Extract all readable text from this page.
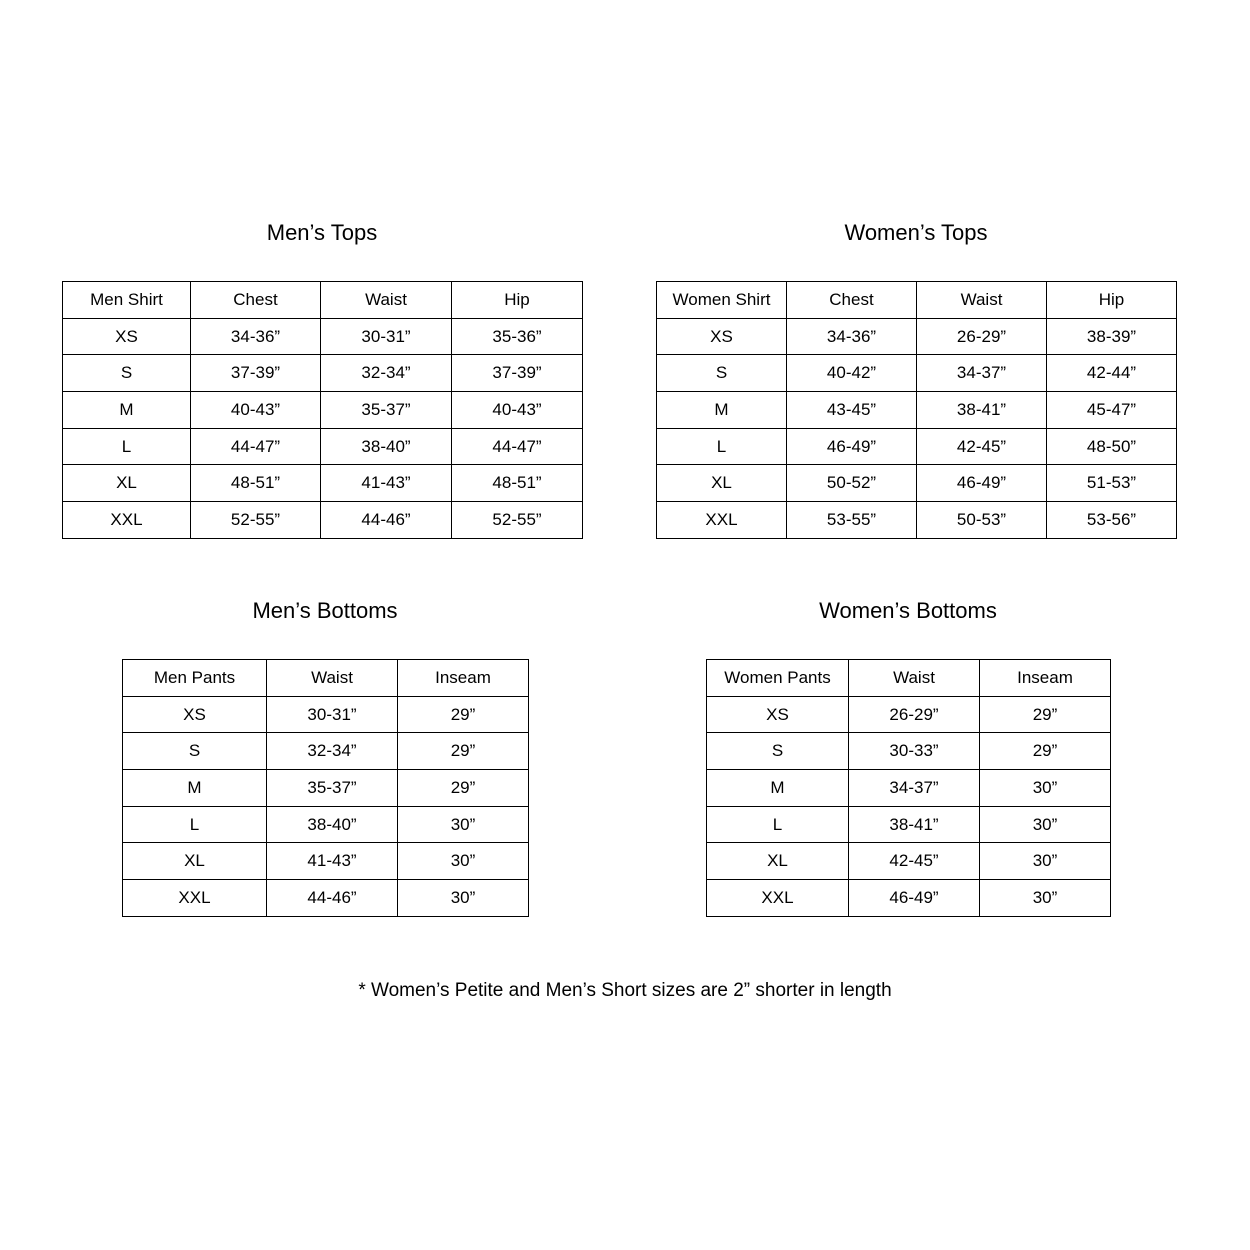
Men’s Tops	Women’s Tops
Men Shirt	Chest	Waist	Hip
XS	34-36”	30-31”	35-36”
S	37-39”	32-34”	37-39”
M	40-43”	35-37”	40-43”
L	44-47”	38-40”	44-47”
XL	48-51”	41-43”	48-51”
XXL	52-55”	44-46”	52-55”
Women Shirt	Chest	Waist	Hip
XS	34-36”	26-29”	38-39”
S	40-42”	34-37”	42-44”
M	43-45”	38-41”	45-47”
L	46-49”	42-45”	48-50”
XL	50-52”	46-49”	51-53”
XXL	53-55”	50-53”	53-56”
Men’s Bottoms	Women’s Bottoms
Men Pants	Waist	Inseam
XS	30-31”	29”
S	32-34”	29”
M	35-37”	29”
L	38-40”	30”
XL	41-43”	30”
XXL	44-46”	30”
Women Pants	Waist	Inseam
XS	26-29”	29”
S	30-33”	29”
M	34-37”	30”
L	38-41”	30”
XL	42-45”	30”
XXL	46-49”	30”
* Women’s Petite and Men’s Short sizes are 2” shorter in length
